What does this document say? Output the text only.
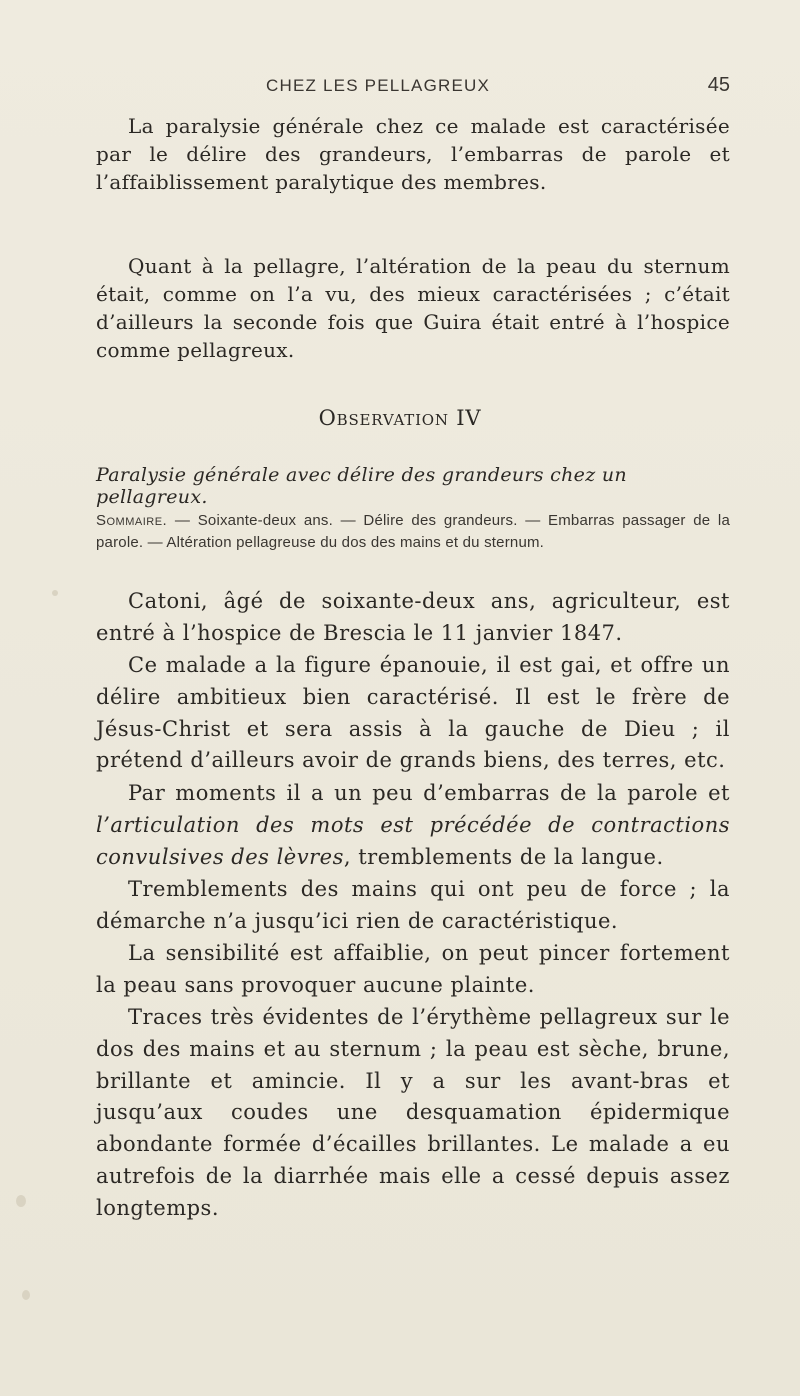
CHEZ LES PELLAGREUX	45

La paralysie générale chez ce malade est caractérisée par le délire des grandeurs, l’embarras de parole et l’affaiblissement paralytique des membres.

Quant à la pellagre, l’altération de la peau du sternum était, comme on l’a vu, des mieux caractérisées ; c’était d’ailleurs la seconde fois que Guira était entré à l’hospice comme pellagreux.

Observation IV
Paralysie générale avec délire des grandeurs chez un pellagreux.

Sommaire. — Soixante-deux ans. — Délire des grandeurs. — Embarras passager de la parole. — Altération pellagreuse du dos des mains et du sternum.

Catoni, âgé de soixante-deux ans, agriculteur, est entré à l’hospice de Brescia le 11 janvier 1847.

Ce malade a la figure épanouie, il est gai, et offre un délire ambitieux bien caractérisé. Il est le frère de Jésus-Christ et sera assis à la gauche de Dieu ; il prétend d’ailleurs avoir de grands biens, des terres, etc.

Par moments il a un peu d’embarras de la parole et l’articulation des mots est précédée de contractions convulsives des lèvres, tremblements de la langue.

Tremblements des mains qui ont peu de force ; la démarche n’a jusqu’ici rien de caractéristique.

La sensibilité est affaiblie, on peut pincer fortement la peau sans provoquer aucune plainte.

Traces très évidentes de l’érythème pellagreux sur le dos des mains et au sternum ; la peau est sèche, brune, brillante et amincie. Il y a sur les avant-bras et jusqu’aux coudes une desquamation épidermique abondante formée d’écailles brillantes. Le malade a eu autrefois de la diarrhée mais elle a cessé depuis assez longtemps.
